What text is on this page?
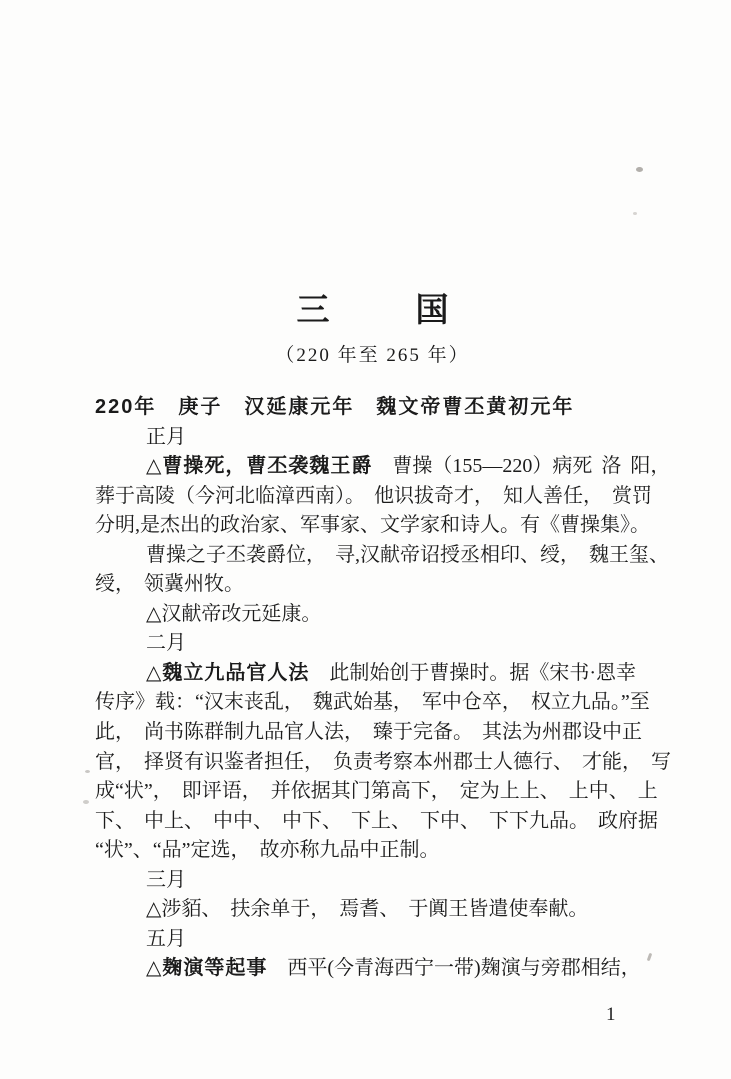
三国
（220 年至 265 年）
220年　庚子　汉延康元年　魏文帝曹丕黄初元年
正月
△曹操死，曹丕袭魏王爵　曹操（155—220）病死 洛 阳，
葬于高陵（今河北临漳西南）。 他识拔奇才， 知人善任， 赏罚
分明,是杰出的政治家、军事家、文学家和诗人。有《曹操集》。
曹操之子丕袭爵位， 寻,汉献帝诏授丞相印、绶， 魏王玺、
绶， 领冀州牧。
△汉献帝改元延康。
二月
△魏立九品官人法　此制始创于曹操时。据《宋书·恩幸
传序》载：“汉末丧乱， 魏武始基， 军中仓卒， 权立九品。”至
此， 尚书陈群制九品官人法， 臻于完备。 其法为州郡设中正
官， 择贤有识鉴者担任， 负责考察本州郡士人德行、 才能， 写
成“状”， 即评语， 并依据其门第高下， 定为上上、 上中、 上
下、 中上、 中中、 中下、 下上、 下中、 下下九品。 政府据
“状”、“品”定选， 故亦称九品中正制。
三月
△涉貊、 扶余单于， 焉耆、 于阗王皆遣使奉献。
五月
△麹演等起事　西平(今青海西宁一带)麹演与旁郡相结，
1
